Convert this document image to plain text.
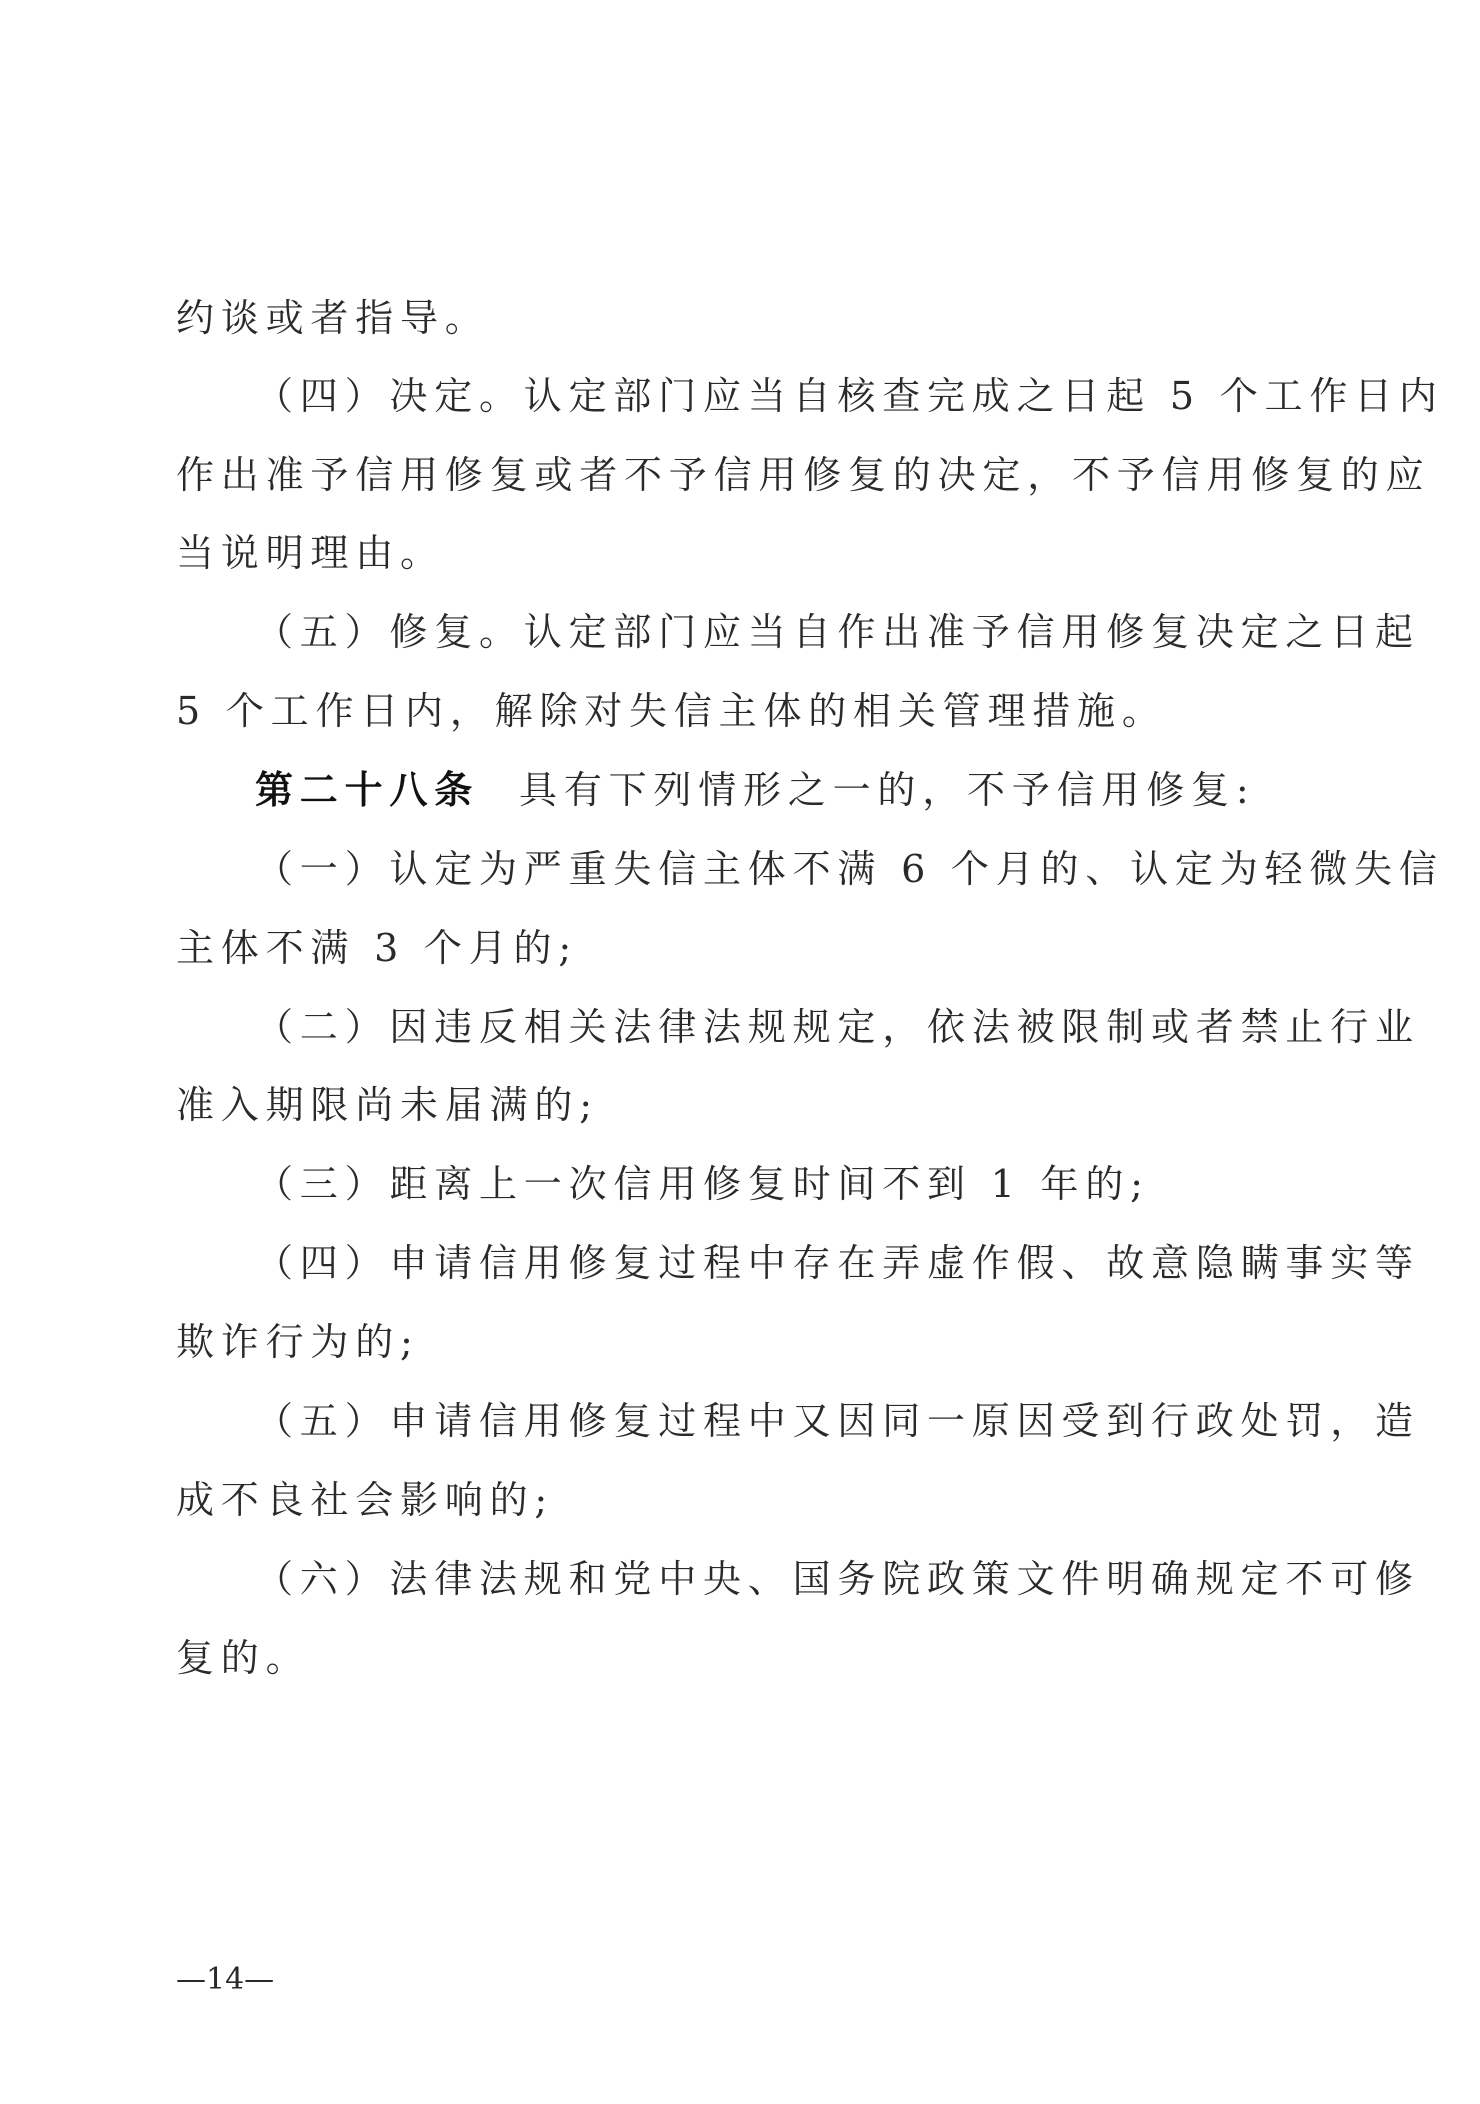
约谈或者指导。
（四）决定。认定部门应当自核查完成之日起 5 个工作日内
作出准予信用修复或者不予信用修复的决定，不予信用修复的应
当说明理由。
（五）修复。认定部门应当自作出准予信用修复决定之日起
5 个工作日内，解除对失信主体的相关管理措施。
第二十八条 具有下列情形之一的，不予信用修复:
（一）认定为严重失信主体不满 6 个月的、认定为轻微失信
主体不满 3 个月的;
（二）因违反相关法律法规规定，依法被限制或者禁止行业
准入期限尚未届满的;
（三）距离上一次信用修复时间不到 1 年的;
（四）申请信用修复过程中存在弄虚作假、故意隐瞒事实等
欺诈行为的;
（五）申请信用修复过程中又因同一原因受到行政处罚，造
成不良社会影响的;
（六）法律法规和党中央、国务院政策文件明确规定不可修
复的。
—14—
